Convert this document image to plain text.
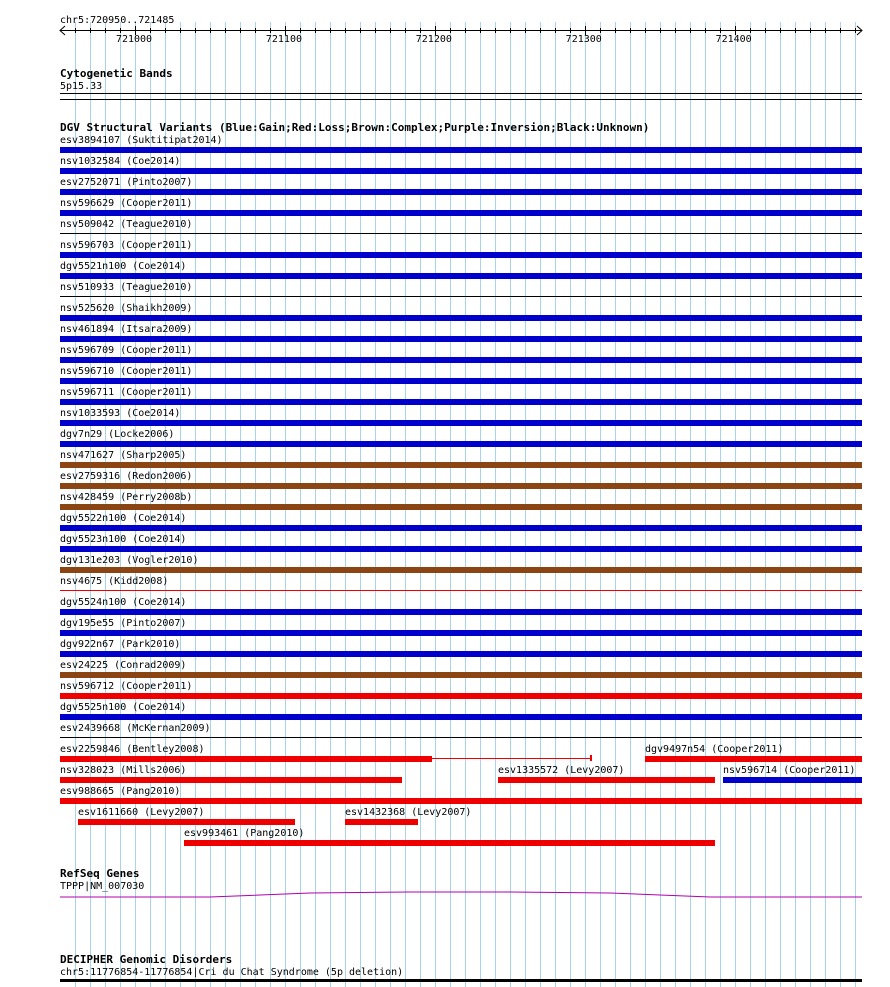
chr5:720950..721485
721000	721100	721200	721300	721400
Cytogenetic Bands
5p15.33
DGV Structural Variants (Blue:Gain;Red:Loss;Brown:Complex;Purple:Inversion;Black:Unknown)
esv3894107 (Suktitipat2014)
nsv1032584 (Coe2014)
esv2752071 (Pinto2007)
nsv596629 (Cooper2011)
nsv509042 (Teague2010)
nsv596703 (Cooper2011)
dgv5521n100 (Coe2014)
nsv510933 (Teague2010)
nsv525620 (Shaikh2009)
nsv461894 (Itsara2009)
nsv596709 (Cooper2011)
nsv596710 (Cooper2011)
nsv596711 (Cooper2011)
nsv1033593 (Coe2014)
dgv7n29 (Locke2006)
nsv471627 (Sharp2005)
esv2759316 (Redon2006)
nsv428459 (Perry2008b)
dgv5522n100 (Coe2014)
dgv5523n100 (Coe2014)
dgv131e203 (Vogler2010)
nsv4675 (Kidd2008)
dgv5524n100 (Coe2014)
dgv195e55 (Pinto2007)
dgv922n67 (Park2010)
esv24225 (Conrad2009)
nsv596712 (Cooper2011)
dgv5525n100 (Coe2014)
esv2439668 (McKernan2009)
esv2259846 (Bentley2008)	dgv9497n54 (Cooper2011)
nsv328023 (Mills2006)	esv1335572 (Levy2007)	nsv596714 (Cooper2011)
esv988665 (Pang2010)
esv1611660 (Levy2007)	esv1432368 (Levy2007)
esv993461 (Pang2010)
RefSeq Genes
TPPP|NM_007030
DECIPHER Genomic Disorders
chr5:11776854-11776854|Cri du Chat Syndrome (5p deletion)
